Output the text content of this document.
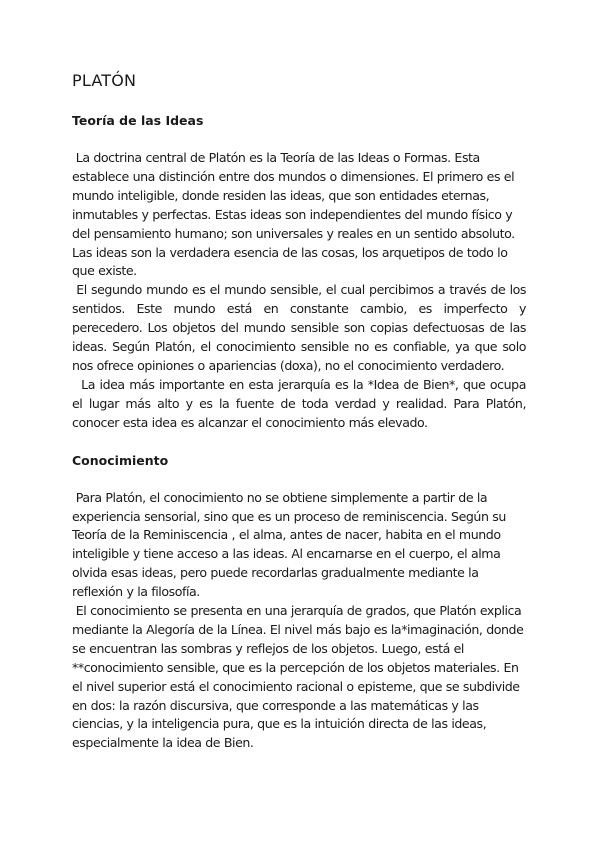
PLATÓN
Teoría de las Ideas

La doctrina central de Platón es la Teoría de las Ideas o Formas. Esta establece una distinción entre dos mundos o dimensiones. El primero es el mundo inteligible, donde residen las ideas, que son entidades eternas, inmutables y perfectas. Estas ideas son independientes del mundo físico y del pensamiento humano; son universales y reales en un sentido absoluto. Las ideas son la verdadera esencia de las cosas, los arquetipos de todo lo que existe.

El segundo mundo es el mundo sensible, el cual percibimos a través de los sentidos. Este mundo está en constante cambio, es imperfecto y perecedero. Los objetos del mundo sensible son copias defectuosas de las ideas. Según Platón, el conocimiento sensible no es confiable, ya que solo nos ofrece opiniones o apariencias (doxa), no el conocimiento verdadero.

La idea más importante en esta jerarquía es la *Idea de Bien*, que ocupa el lugar más alto y es la fuente de toda verdad y realidad. Para Platón, conocer esta idea es alcanzar el conocimiento más elevado.

Conocimiento

Para Platón, el conocimiento no se obtiene simplemente a partir de la experiencia sensorial, sino que es un proceso de reminiscencia. Según su Teoría de la Reminiscencia , el alma, antes de nacer, habita en el mundo inteligible y tiene acceso a las ideas. Al encarnarse en el cuerpo, el alma olvida esas ideas, pero puede recordarlas gradualmente mediante la reflexión y la filosofía.

El conocimiento se presenta en una jerarquía de grados, que Platón explica mediante la Alegoría de la Línea. El nivel más bajo es la*imaginación, donde se encuentran las sombras y reflejos de los objetos. Luego, está el **conocimiento sensible, que es la percepción de los objetos materiales. En el nivel superior está el conocimiento racional o episteme, que se subdivide en dos: la razón discursiva, que corresponde a las matemáticas y las ciencias, y la inteligencia pura, que es la intuición directa de las ideas, especialmente la idea de Bien.
